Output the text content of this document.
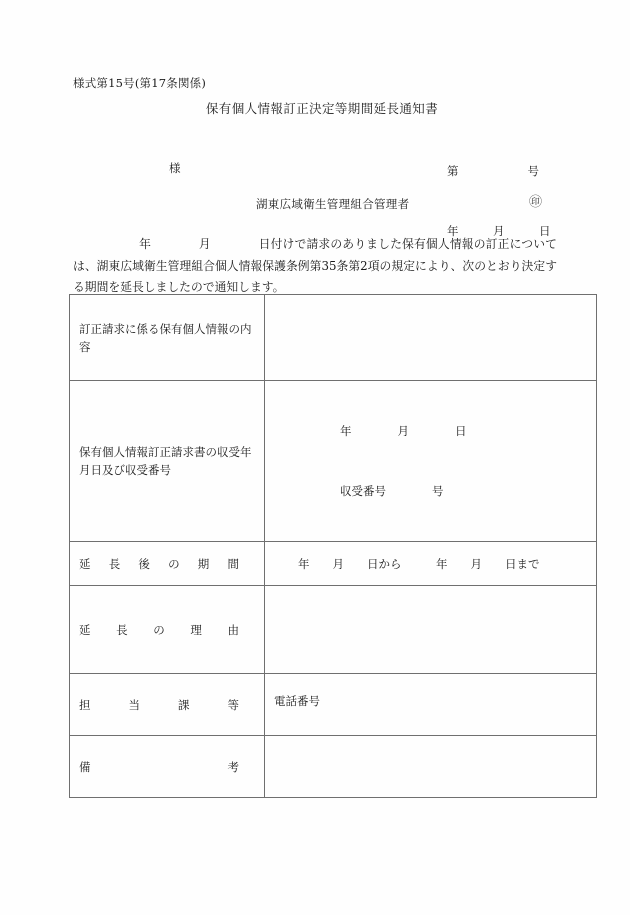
様式第15号(第17条関係)
保有個人情報訂正決定等期間延長通知書

第　　　　　　号

年　　　月　　　日

様
湖東広域衛生管理組合管理者	㊞
年　　　　月　　　　日付けで請求のありました保有個人情報の訂正については、湖東広域衛生管理組合個人情報保護条例第35条第2項の規定により、次のとおり決定する期間を延長しましたので通知します。
訂正請求に係る保有個人情報の内容	
保有個人情報訂正請求書の収受年月日及び収受番号	年　　　　月　　　　日

収受番号　　　　号

延長後の期間	年　　月　　日から　　　年　　月　　日まで

延長の理由	

担当課等	電話番号

備考	
